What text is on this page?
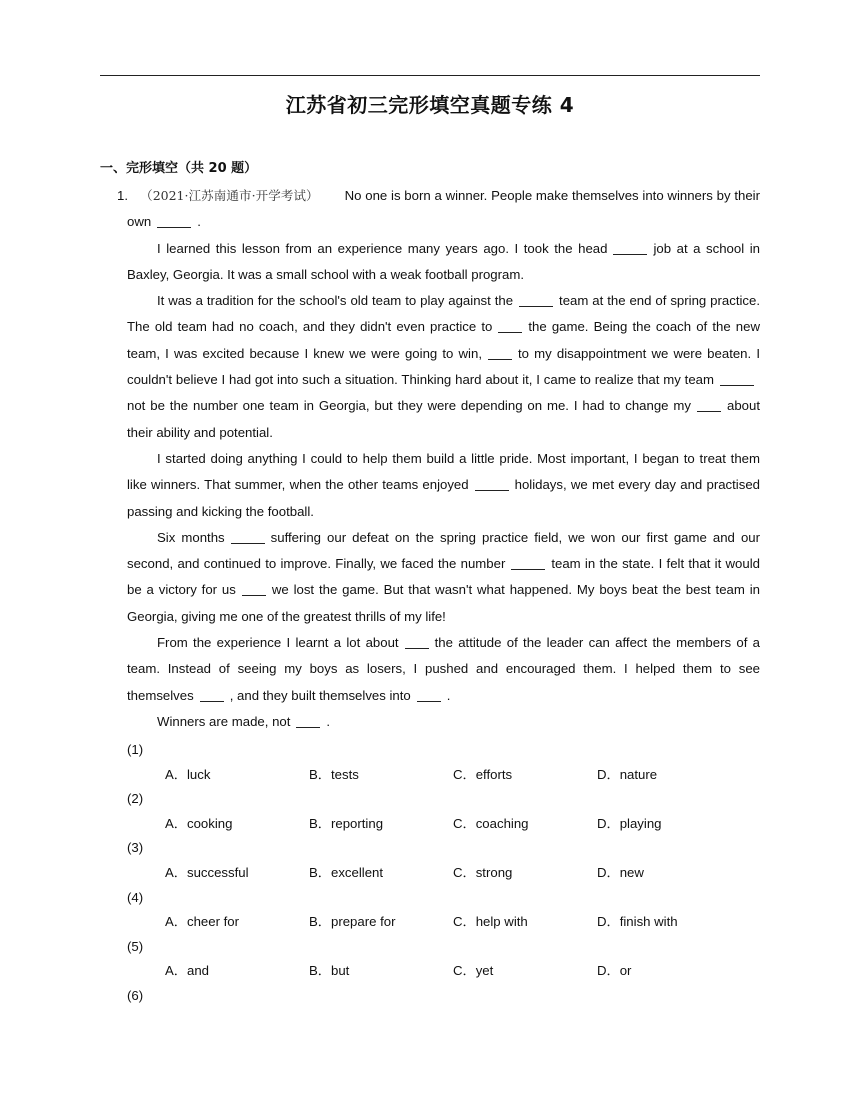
江苏省初三完形填空真题专练 4
一、完形填空（共 20 题）

1. （2021·江苏南通市·开学考试） No one is born a winner. People make themselves into winners by their own	.

I learned this lesson from an experience many years ago. I took the head	job at a school in Baxley, Georgia. It was a small school with a weak football program.

It was a tradition for the school's old team to play against the	team at the end of spring practice. The old team had no coach, and they didn't even practice to	the game. Being the coach of the new team, I was excited because I knew we were going to win,	to my disappointment we were beaten. I couldn't believe I had got into such a situation. Thinking hard about it, I came to realize that my teamnot be the number one team in Georgia, but they were depending on me. I had to change my	about their ability and potential.

I started doing anything I could to help them build a little pride. Most important, I began to treat them like winners. That summer, when the other teams enjoyed	holidays, we met every day and practised passing and kicking the football.

Six months	suffering our defeat on the spring practice field, we won our first game and our second, and continued to improve. Finally, we faced the number	team in the state. I felt that it would be a victory for us	we lost the game. But that wasn't what happened. My boys beat the best team in Georgia, giving me one of the greatest thrills of my life!

From the experience I learnt a lot about	the attitude of the leader can affect the members of a team. Instead of seeing my boys as losers, I pushed and encouraged them. I helped them to see themselves	, and they built themselves into	.

Winners are made, not	.

(1)
A．luck	B．tests	C．efforts	D．nature
(2)
A．cooking	B．reporting	C．coaching	D．playing
(3)
A．successful	B．excellent	C．strong	D．new
(4)
A．cheer for	B．prepare for	C．help with	D．finish with
(5)
A．and	B．but	C．yet	D．or
(6)
